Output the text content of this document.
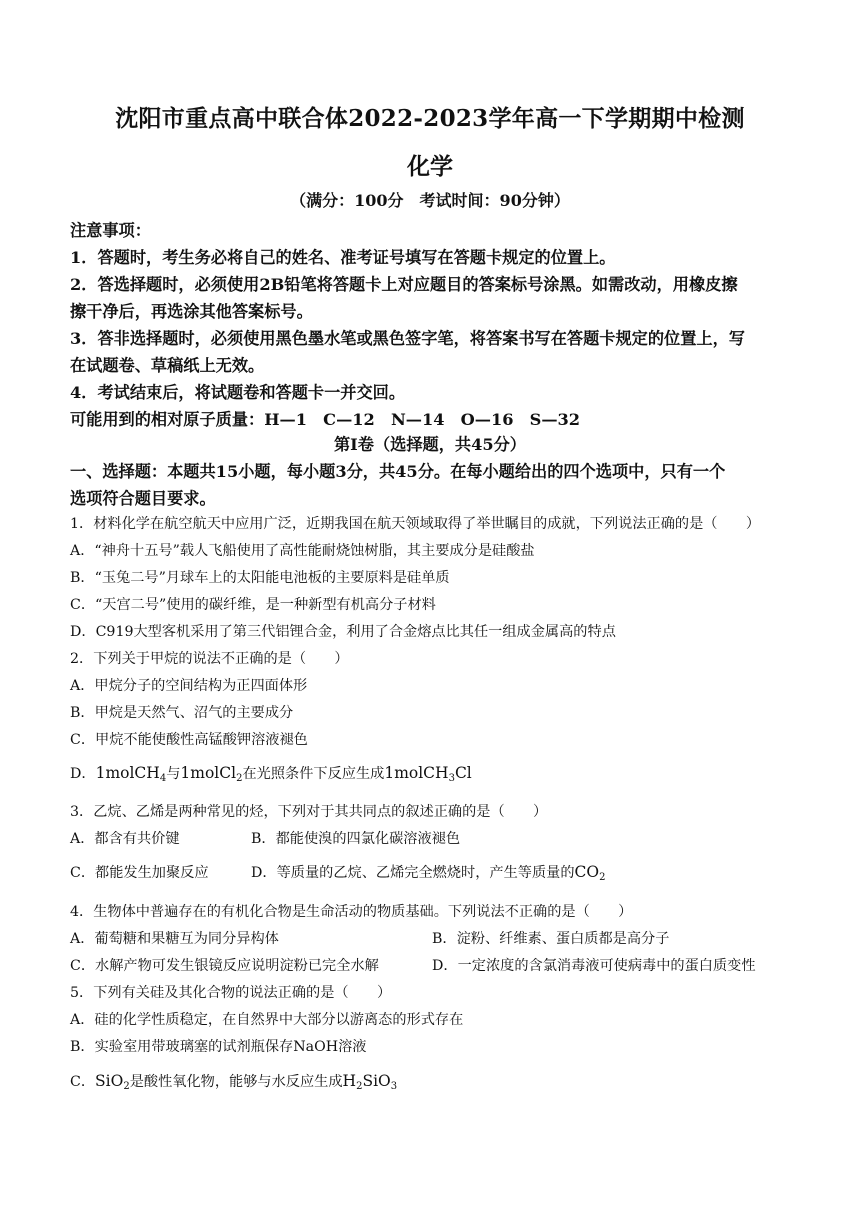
沈阳市重点高中联合体2022-2023学年高一下学期期中检测
化学
（满分：100分　考试时间：90分钟）
注意事项：
1．答题时，考生务必将自己的姓名、准考证号填写在答题卡规定的位置上。
2．答选择题时，必须使用2B铅笔将答题卡上对应题目的答案标号涂黑。如需改动，用橡皮擦
擦干净后，再选涂其他答案标号。
3．答非选择题时，必须使用黑色墨水笔或黑色签字笔，将答案书写在答题卡规定的位置上，写
在试题卷、草稿纸上无效。
4．考试结束后，将试题卷和答题卡一并交回。
可能用到的相对原子质量：H—1　C—12　N—14　O—16　S—32
第Ⅰ卷（选择题，共45分）
一、选择题：本题共15小题，每小题3分，共45分。在每小题给出的四个选项中，只有一个
选项符合题目要求。
1．材料化学在航空航天中应用广泛，近期我国在航天领域取得了举世瞩目的成就，下列说法正确的是（　　）
A．“神舟十五号”载人飞船使用了高性能耐烧蚀树脂，其主要成分是硅酸盐
B．“玉兔二号”月球车上的太阳能电池板的主要原料是硅单质
C．“天宫二号”使用的碳纤维，是一种新型有机高分子材料
D．C919大型客机采用了第三代铝锂合金，利用了合金熔点比其任一组成金属高的特点
2．下列关于甲烷的说法不正确的是（　　）
A．甲烷分子的空间结构为正四面体形
B．甲烷是天然气、沼气的主要成分
C．甲烷不能使酸性高锰酸钾溶液褪色
D．1molCH$_4$与1molCl$_2$在光照条件下反应生成1molCH$_3$Cl
3．乙烷、乙烯是两种常见的烃，下列对于其共同点的叙述正确的是（　　）
A．都含有共价键	B．都能使溴的四氯化碳溶液褪色
C．都能发生加聚反应	D．等质量的乙烷、乙烯完全燃烧时，产生等质量的$CO_2$
4．生物体中普遍存在的有机化合物是生命活动的物质基础。下列说法不正确的是（　　）
A．葡萄糖和果糖互为同分异构体	B．淀粉、纤维素、蛋白质都是高分子
C．水解产物可发生银镜反应说明淀粉已完全水解	D．一定浓度的含氯消毒液可使病毒中的蛋白质变性
5．下列有关硅及其化合物的说法正确的是（　　）
A．硅的化学性质稳定，在自然界中大部分以游离态的形式存在
B．实验室用带玻璃塞的试剂瓶保存NaOH溶液
C．SiO$_2$是酸性氧化物，能够与水反应生成$H_2SiO_3$
